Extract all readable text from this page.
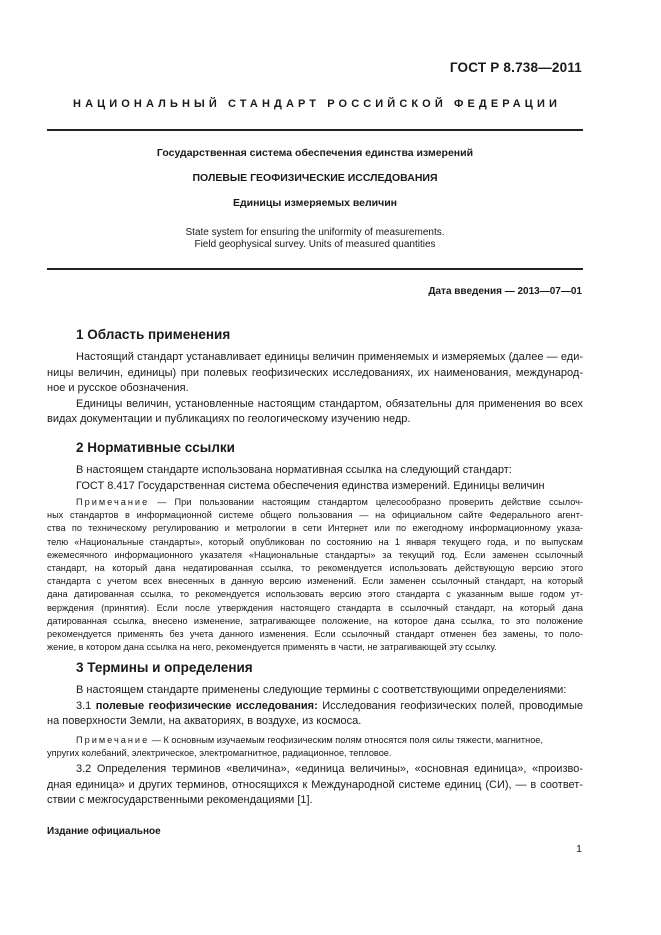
ГОСТ Р 8.738—2011
НАЦИОНАЛЬНЫЙ СТАНДАРТ РОССИЙСКОЙ ФЕДЕРАЦИИ
Государственная система обеспечения единства измерений
ПОЛЕВЫЕ ГЕОФИЗИЧЕСКИЕ ИССЛЕДОВАНИЯ
Единицы измеряемых величин
State system for ensuring the uniformity of measurements.
Field geophysical survey. Units of measured quantities
Дата введения — 2013—07—01
1 Область применения
Настоящий стандарт устанавливает единицы величин применяемых и измеряемых (далее — еди-
ницы величин, единицы) при полевых геофизических исследованиях, их наименования, международ-
ное и русское обозначения.
Единицы величин, установленные настоящим стандартом, обязательны для применения во всех
видах документации и публикациях по геологическому изучению недр.
2 Нормативные ссылки
В настоящем стандарте использована нормативная ссылка на следующий стандарт:
ГОСТ 8.417 Государственная система обеспечения единства измерений. Единицы величин
Примечание — При пользовании настоящим стандартом целесообразно проверить действие ссылоч-
ных стандартов в информационной системе общего пользования — на официальном сайте Федерального агент-
ства по техническому регулированию и метрологии в сети Интернет или по ежегодному информационному указа-
телю «Национальные стандарты», который опубликован по состоянию на 1 января текущего года, и по выпускам
ежемесячного информационного указателя «Национальные стандарты» за текущий год. Если заменен ссылочный
стандарт, на который дана недатированная ссылка, то рекомендуется использовать действующую версию этого
стандарта с учетом всех внесенных в данную версию изменений. Если заменен ссылочный стандарт, на который
дана датированная ссылка, то рекомендуется использовать версию этого стандарта с указанным выше годом ут-
верждения (принятия). Если после утверждения настоящего стандарта в ссылочный стандарт, на который дана
датированная ссылка, внесено изменение, затрагивающее положение, на которое дана ссылка, то это положение
рекомендуется применять без учета данного изменения. Если ссылочный стандарт отменен без замены, то поло-
жение, в котором дана ссылка на него, рекомендуется применять в части, не затрагивающей эту ссылку.
3 Термины и определения
В настоящем стандарте применены следующие термины с соответствующими определениями:
3.1 полевые геофизические исследования: Исследования геофизических полей, проводимые
на поверхности Земли, на акваториях, в воздухе, из космоса.
Примечание — К основным изучаемым геофизическим полям относятся поля силы тяжести, магнитное,
упругих колебаний, электрическое, электромагнитное, радиационное, тепловое.
3.2 Определения терминов «величина», «единица величины», «основная единица», «произво-
дная единица» и других терминов, относящихся к Международной системе единиц (СИ), — в соответ-
ствии с межгосударственными рекомендациями [1].
Издание официальное
1
